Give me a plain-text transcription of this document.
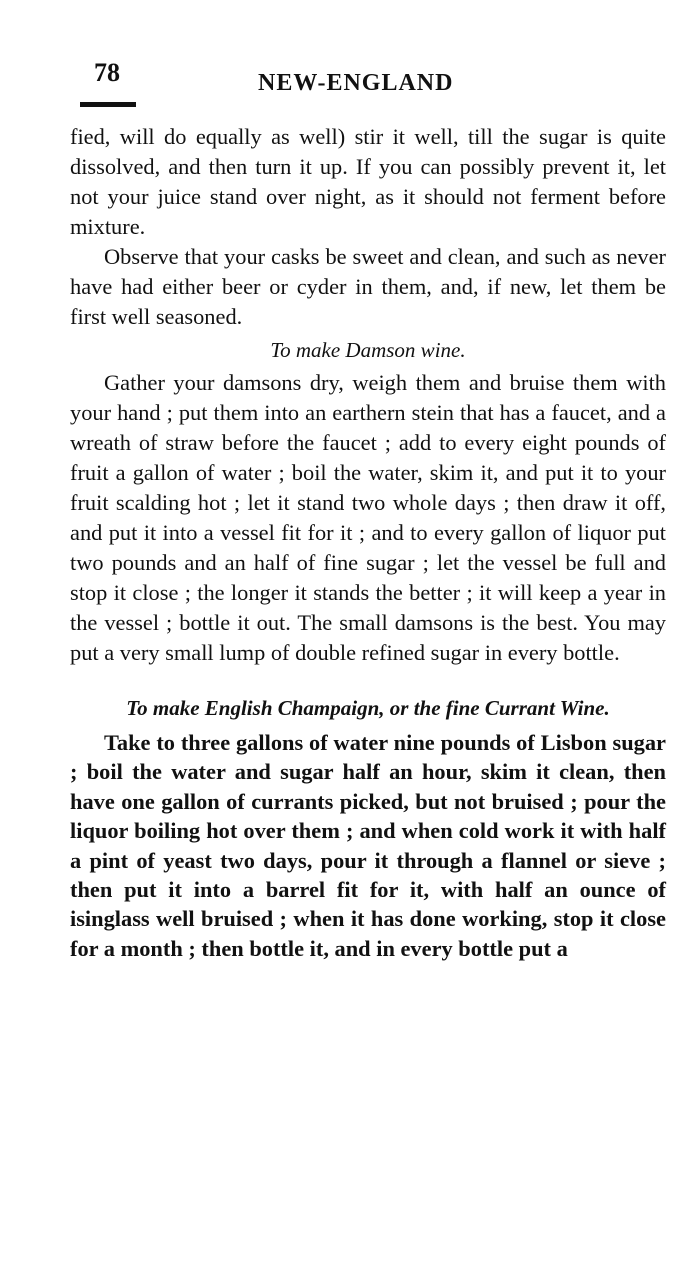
78	NEW-ENGLAND

fied, will do equally as well) stir it well, till the sugar is quite dissolved, and then turn it up. If you can possibly prevent it, let not your juice stand over night, as it should not ferment before mixture.

Observe that your casks be sweet and clean, and such as never have had either beer or cyder in them, and, if new, let them be first well seasoned.

To make Damson wine.

Gather your damsons dry, weigh them and bruise them with your hand ; put them into an earthern stein that has a faucet, and a wreath of straw before the faucet ; add to every eight pounds of fruit a gallon of water ; boil the water, skim it, and put it to your fruit scalding hot ; let it stand two whole days ; then draw it off, and put it into a vessel fit for it ; and to every gallon of liquor put two pounds and an half of fine sugar ; let the vessel be full and stop it close ; the longer it stands the better ; it will keep a year in the vessel ; bottle it out. The small damsons is the best. You may put a very small lump of double refined sugar in every bottle.

To make English Champaign, or the fine Currant Wine.

Take to three gallons of water nine pounds of Lisbon sugar ; boil the water and sugar half an hour, skim it clean, then have one gallon of currants picked, but not bruised ; pour the liquor boiling hot over them ; and when cold work it with half a pint of yeast two days, pour it through a flannel or sieve ; then put it into a barrel fit for it, with half an ounce of isinglass well bruised ; when it has done working, stop it close for a month ; then bottle it, and in every bottle put a
